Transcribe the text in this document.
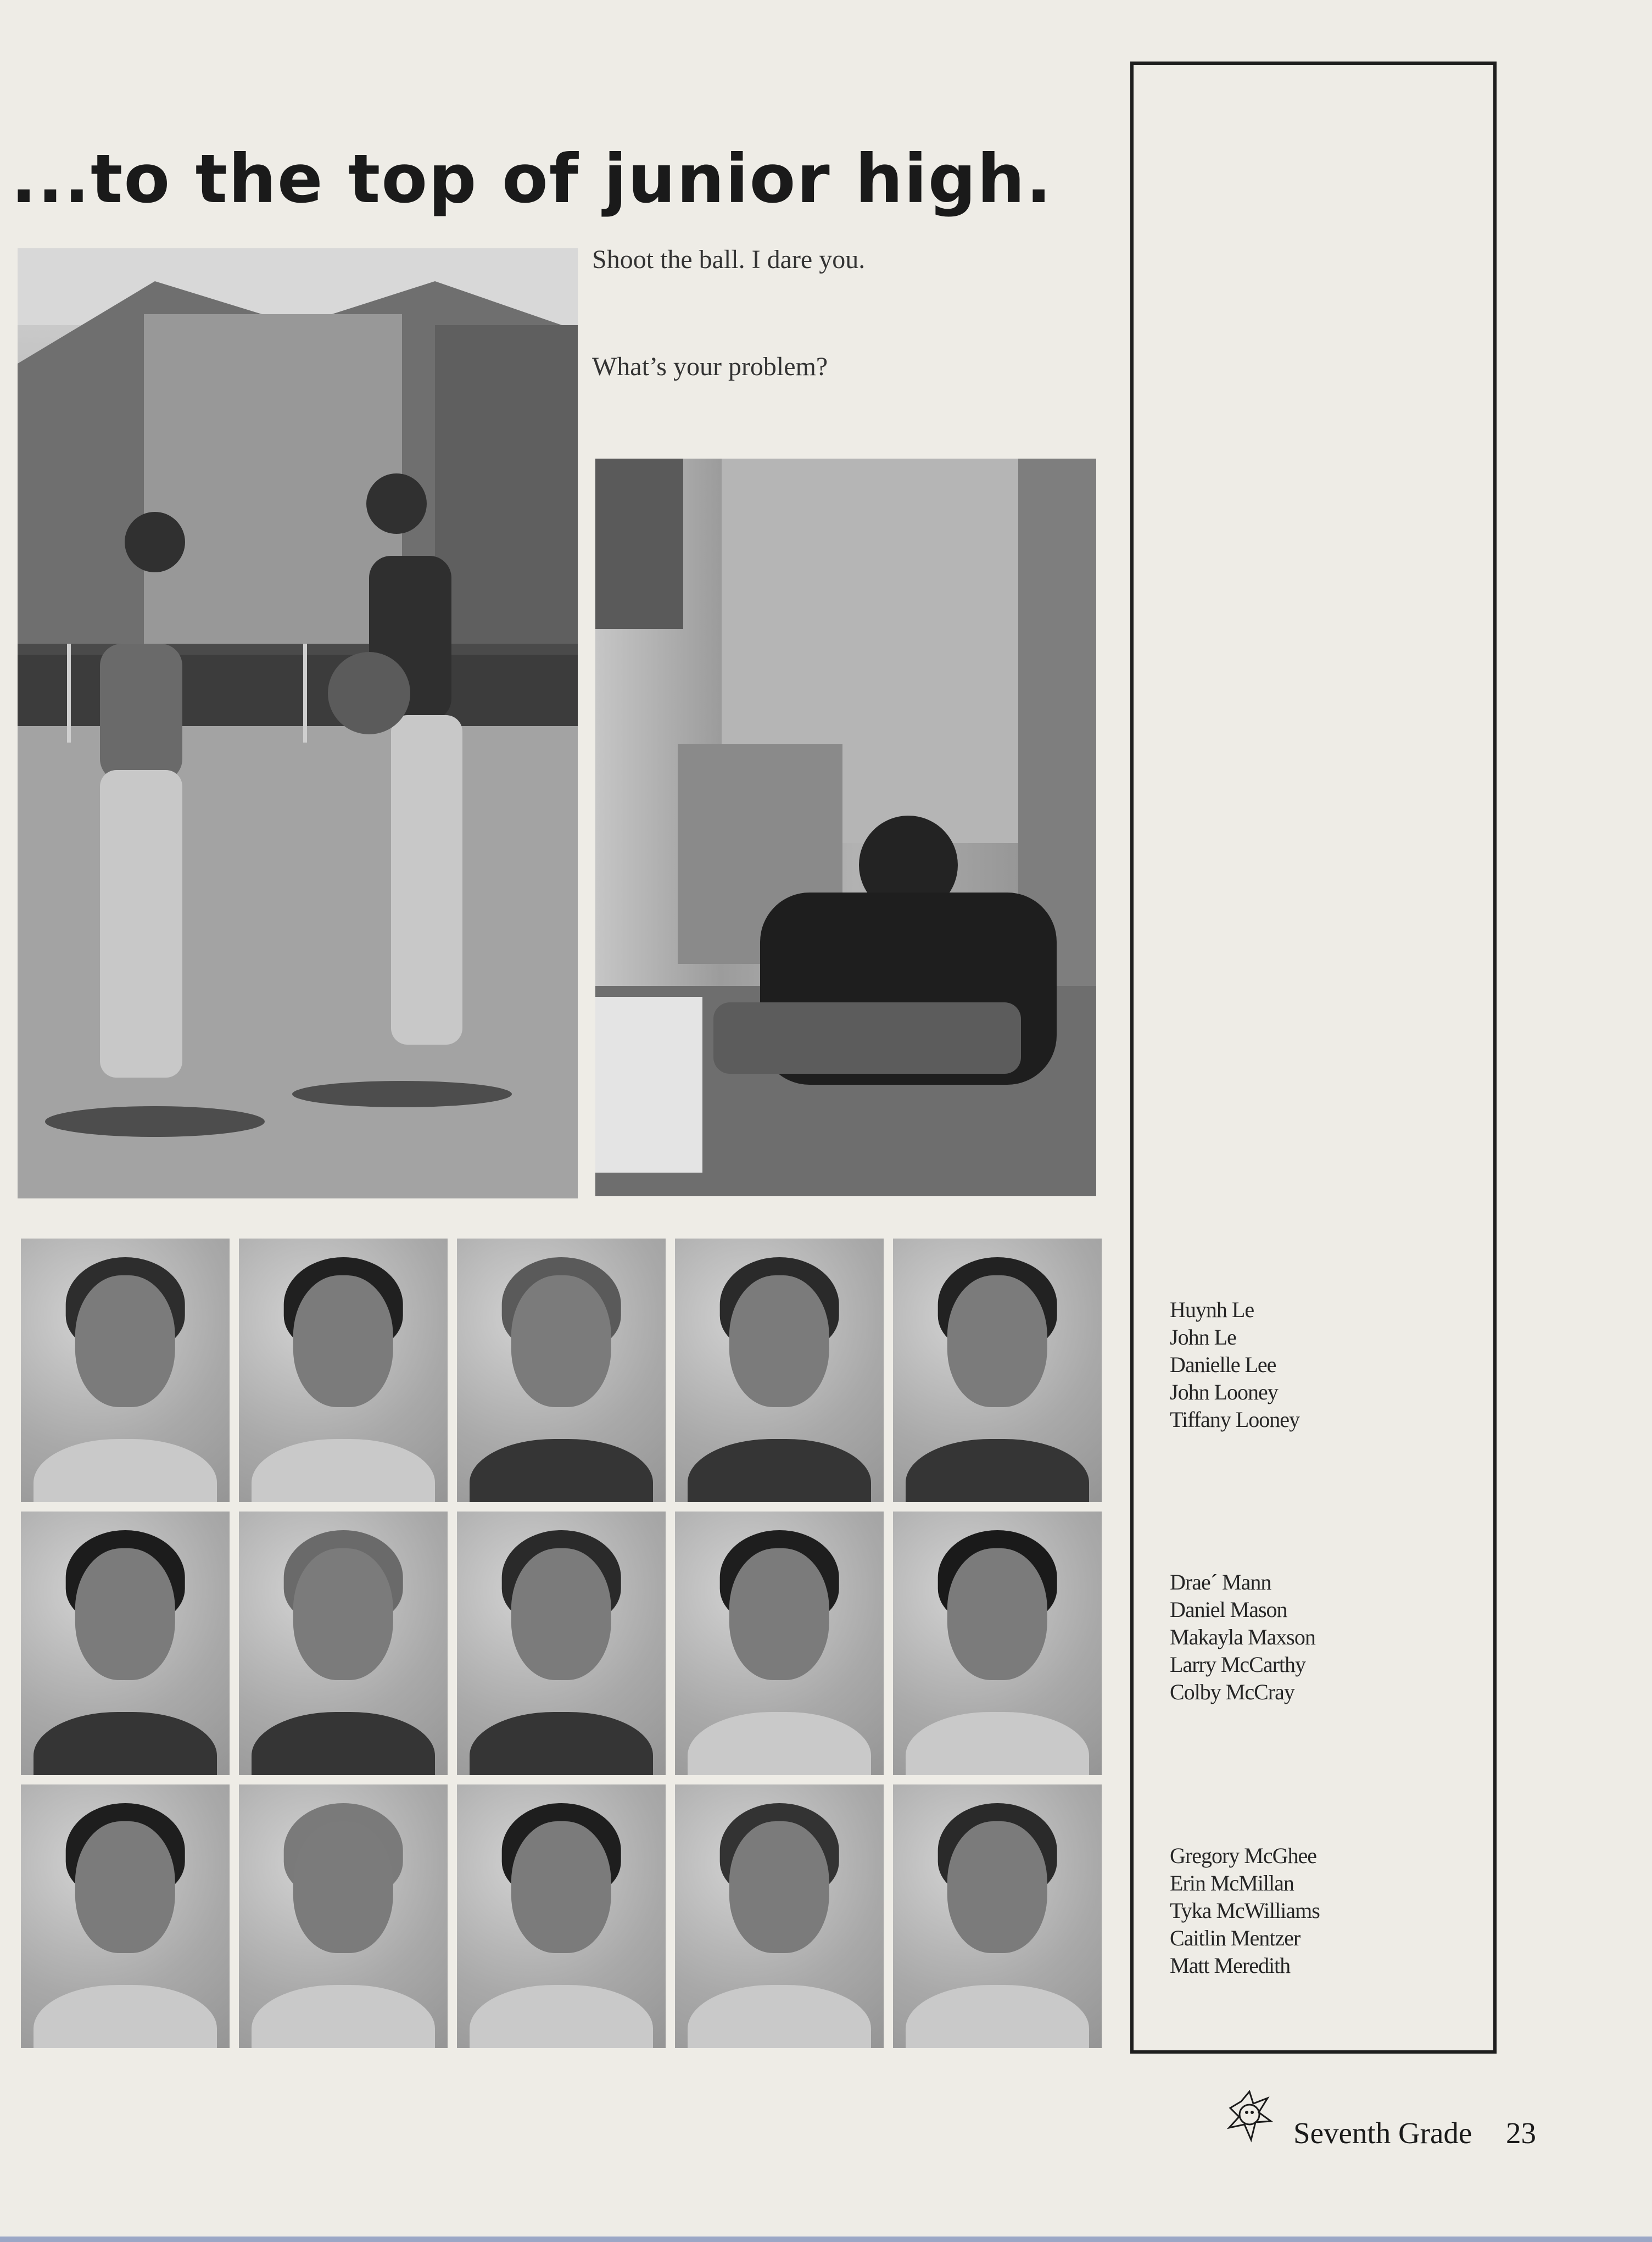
...to the top of junior high.
Shoot the ball. I dare you.
What’s your problem?
Huynh Le
John Le
Danielle Lee
John Looney
Tiffany Looney
Drae´ Mann
Daniel Mason
Makayla Maxson
Larry McCarthy
Colby McCray
Gregory McGhee
Erin McMillan
Tyka McWilliams
Caitlin Mentzer
Matt Meredith
Seventh Grade 23
